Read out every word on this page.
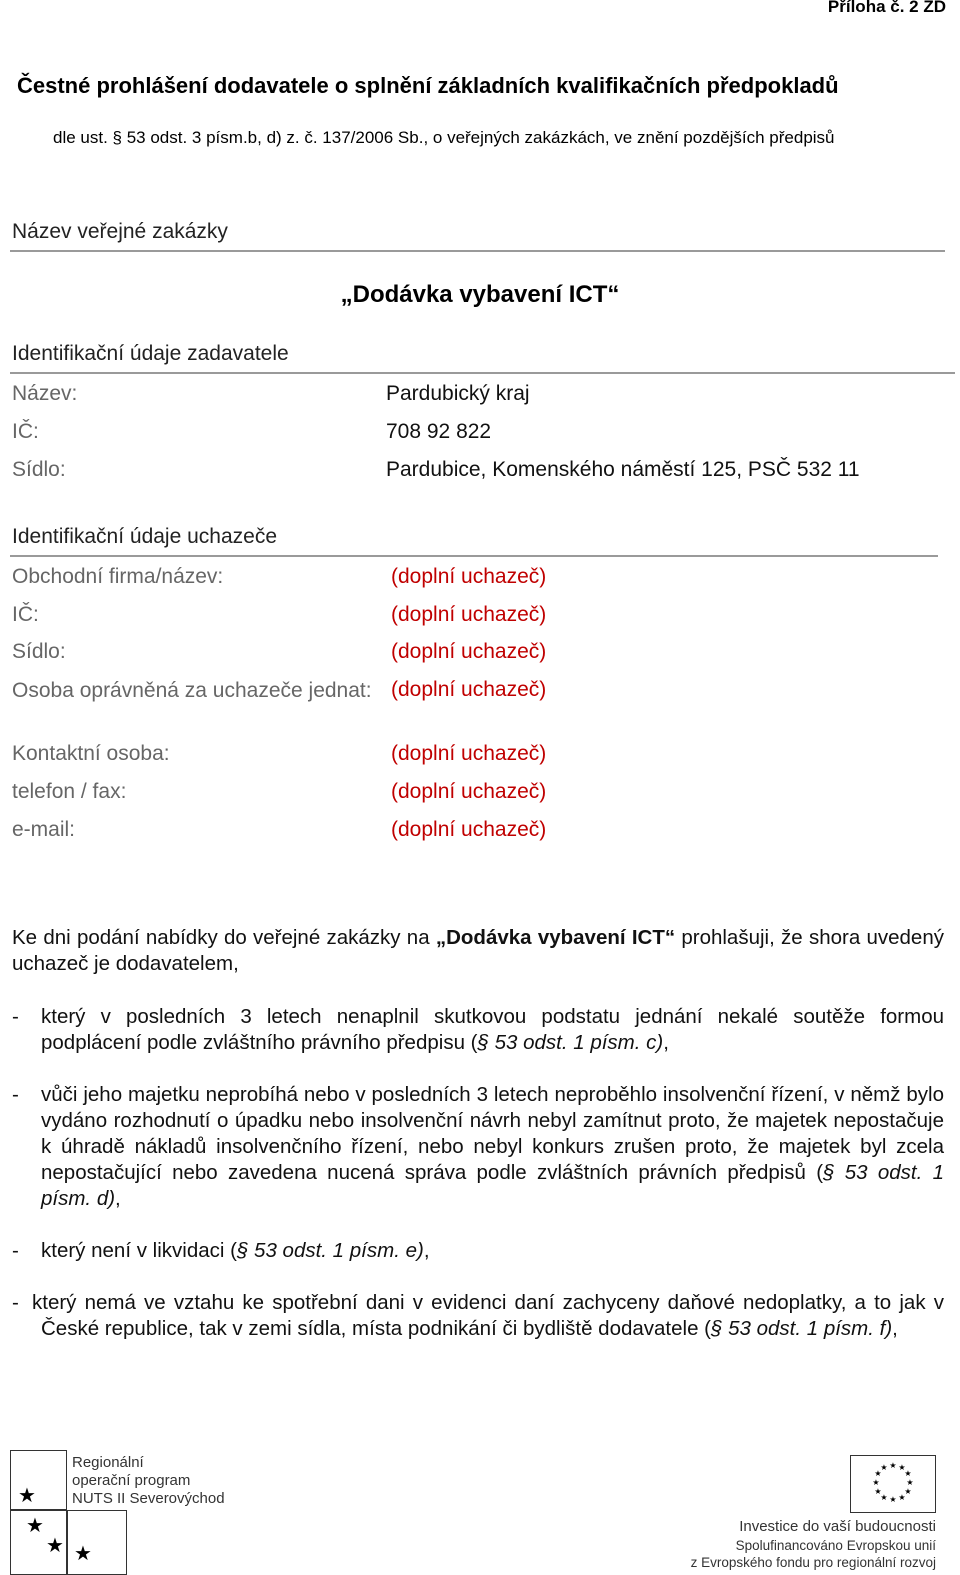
Příloha č. 2 ZD
Čestné prohlášení dodavatele o splnění základních kvalifikačních předpokladů
dle ust. § 53 odst. 3 písm.b, d) z. č. 137/2006 Sb., o veřejných zakázkách, ve znění pozdějších předpisů
Název veřejné zakázky
„Dodávka vybavení ICT“
Identifikační údaje zadavatele
Název:	Pardubický kraj
IČ:	708 92 822
Sídlo:	Pardubice, Komenského náměstí 125, PSČ 532 11
Identifikační údaje uchazeče
Obchodní firma/název:	(doplní uchazeč)
IČ:	(doplní uchazeč)
Sídlo:	(doplní uchazeč)
Osoba oprávněná za uchazeče jednat: (doplní uchazeč)
Kontaktní osoba:	(doplní uchazeč)
telefon / fax:	(doplní uchazeč)
e-mail:	(doplní uchazeč)
Ke dni podání nabídky do veřejné zakázky na „Dodávka vybavení ICT“ prohlašuji, že shora uvedený uchazeč je dodavatelem,
- který v posledních 3 letech nenaplnil skutkovou podstatu jednání nekalé soutěže formou podplácení podle zvláštního právního předpisu (§ 53 odst. 1 písm. c),
- vůči jeho majetku neprobíhá nebo v posledních 3 letech neproběhlo insolvenční řízení, v němž bylo vydáno rozhodnutí o úpadku nebo insolvenční návrh nebyl zamítnut proto, že majetek nepostačuje k úhradě nákladů insolvenčního řízení, nebo nebyl konkurs zrušen proto, že majetek byl zcela nepostačující nebo zavedena nucená správa podle zvláštních právních předpisů (§ 53 odst. 1 písm. d),
- který není v likvidaci (§ 53 odst. 1 písm. e),
- který nemá ve vztahu ke spotřební dani v evidenci daní zachyceny daňové nedoplatky, a to jak v České republice, tak v zemi sídla, místa podnikání či bydliště dodavatele (§ 53 odst. 1 písm. f),
★
★
★ ★
Regionální
operační program
NUTS II Severovýchod
★ ★
★
★
★
★
★
★
★
★
★
★
Investice do vaší budoucnosti
Spolufinancováno Evropskou unií
z Evropského fondu pro regionální rozvoj
